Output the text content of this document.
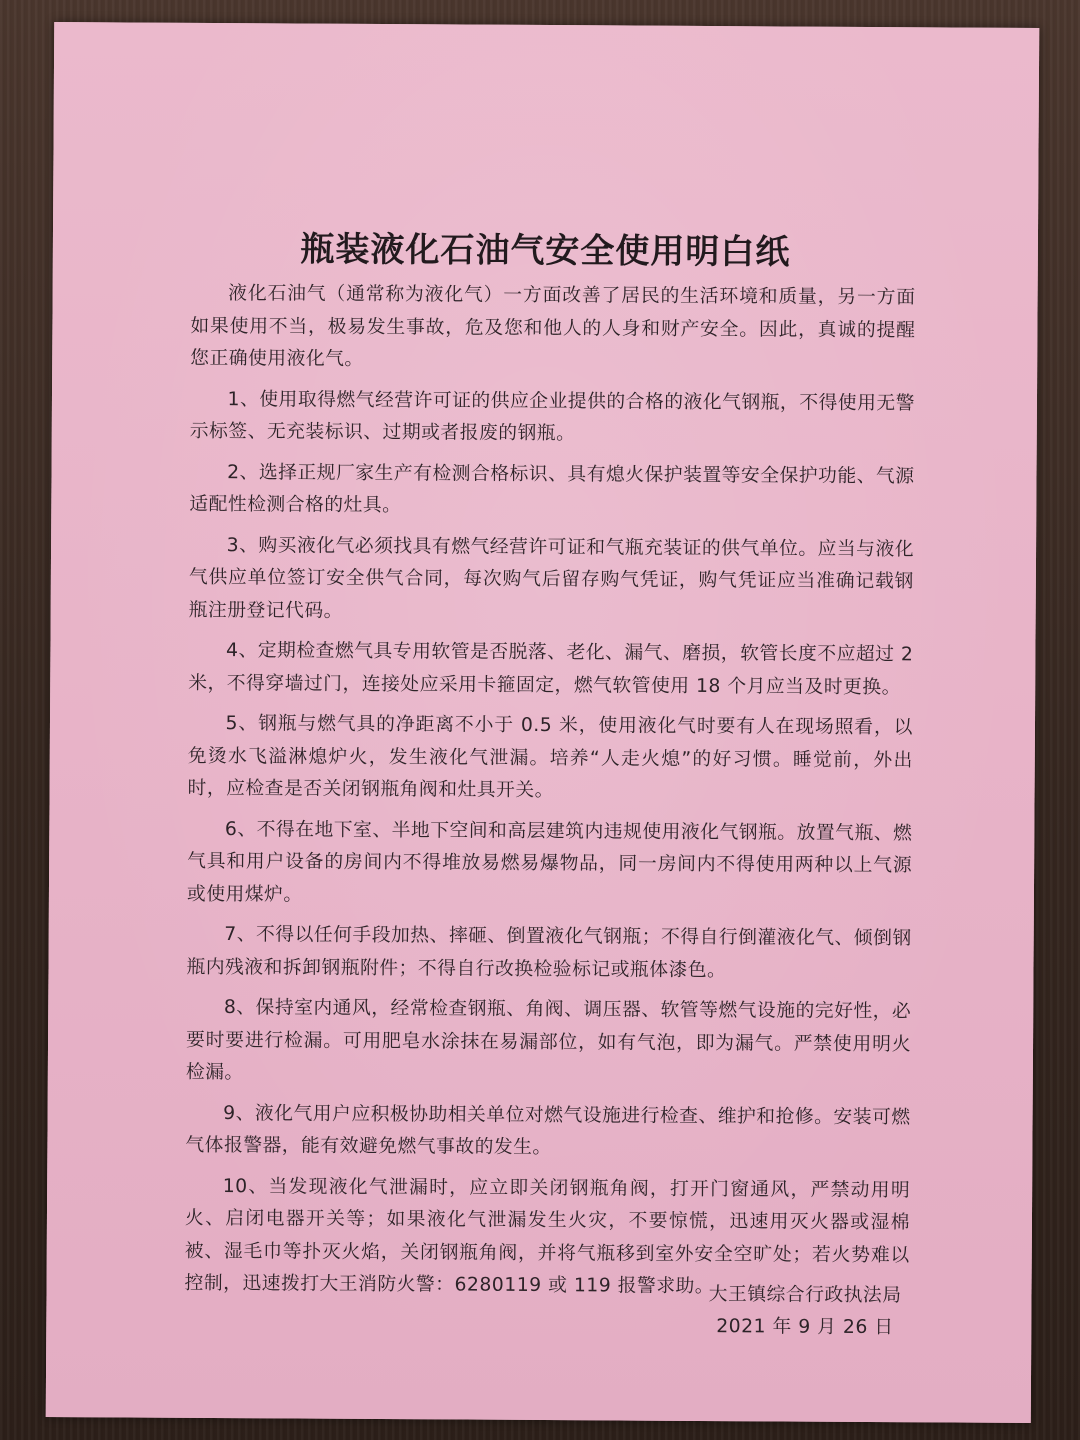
瓶装液化石油气安全使用明白纸

液化石油气（通常称为液化气）一方面改善了居民的生活环境和质量，另一方面如果使用不当，极易发生事故，危及您和他人的人身和财产安全。因此，真诚的提醒您正确使用液化气。

1、使用取得燃气经营许可证的供应企业提供的合格的液化气钢瓶，不得使用无警示标签、无充装标识、过期或者报废的钢瓶。

2、选择正规厂家生产有检测合格标识、具有熄火保护装置等安全保护功能、气源适配性检测合格的灶具。

3、购买液化气必须找具有燃气经营许可证和气瓶充装证的供气单位。应当与液化气供应单位签订安全供气合同，每次购气后留存购气凭证，购气凭证应当准确记载钢瓶注册登记代码。

4、定期检查燃气具专用软管是否脱落、老化、漏气、磨损，软管长度不应超过 2 米，不得穿墙过门，连接处应采用卡箍固定，燃气软管使用 18 个月应当及时更换。

5、钢瓶与燃气具的净距离不小于 0.5 米，使用液化气时要有人在现场照看，以免烫水飞溢淋熄炉火，发生液化气泄漏。培养“人走火熄”的好习惯。睡觉前，外出时，应检查是否关闭钢瓶角阀和灶具开关。

6、不得在地下室、半地下空间和高层建筑内违规使用液化气钢瓶。放置气瓶、燃气具和用户设备的房间内不得堆放易燃易爆物品，同一房间内不得使用两种以上气源或使用煤炉。

7、不得以任何手段加热、摔砸、倒置液化气钢瓶；不得自行倒灌液化气、倾倒钢瓶内残液和拆卸钢瓶附件；不得自行改换检验标记或瓶体漆色。

8、保持室内通风，经常检查钢瓶、角阀、调压器、软管等燃气设施的完好性，必要时要进行检漏。可用肥皂水涂抹在易漏部位，如有气泡，即为漏气。严禁使用明火检漏。

9、液化气用户应积极协助相关单位对燃气设施进行检查、维护和抢修。安装可燃气体报警器，能有效避免燃气事故的发生。

10、当发现液化气泄漏时，应立即关闭钢瓶角阀，打开门窗通风，严禁动用明火、启闭电器开关等；如果液化气泄漏发生火灾，不要惊慌，迅速用灭火器或湿棉被、湿毛巾等扑灭火焰，关闭钢瓶角阀，并将气瓶移到室外安全空旷处；若火势难以控制，迅速拨打大王消防火警：6280119 或 119 报警求助。

大王镇综合行政执法局
2021 年 9 月 26 日
